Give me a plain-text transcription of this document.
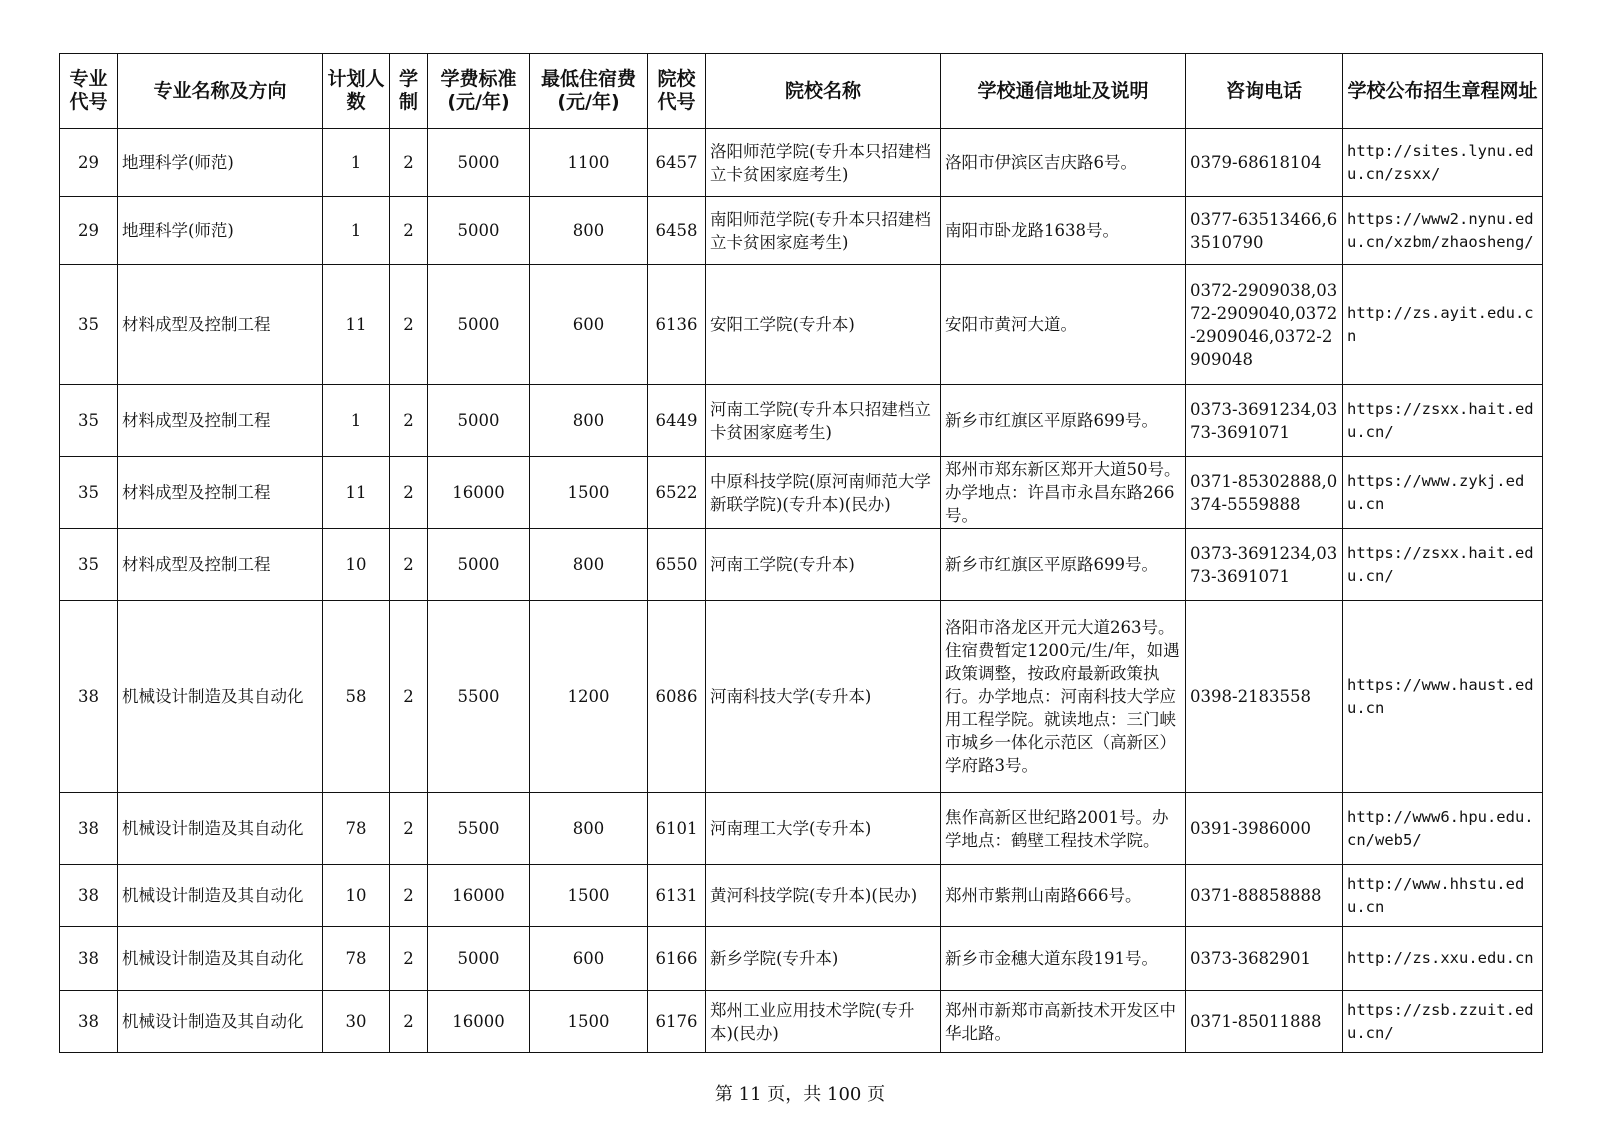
专业代号	专业名称及方向	计划人数	学制	学费标准(元/年)	最低住宿费(元/年)	院校代号	院校名称	学校通信地址及说明	咨询电话	学校公布招生章程网址
29	地理科学(师范)	1	2	5000	1100	6457	洛阳师范学院(专升本只招建档立卡贫困家庭考生)	洛阳市伊滨区吉庆路6号。	0379-68618104	http://sites.lynu.edu.cn/zsxx/
29	地理科学(师范)	1	2	5000	800	6458	南阳师范学院(专升本只招建档立卡贫困家庭考生)	南阳市卧龙路1638号。	0377-63513466,63510790	https://www2.nynu.edu.cn/xzbm/zhaosheng/
35	材料成型及控制工程	11	2	5000	600	6136	安阳工学院(专升本)	安阳市黄河大道。	0372-2909038,0372-2909040,0372-2909046,0372-2909048	http://zs.ayit.edu.cn
35	材料成型及控制工程	1	2	5000	800	6449	河南工学院(专升本只招建档立卡贫困家庭考生)	新乡市红旗区平原路699号。	0373-3691234,0373-3691071	https://zsxx.hait.edu.cn/
35	材料成型及控制工程	11	2	16000	1500	6522	中原科技学院(原河南师范大学新联学院)(专升本)(民办)	郑州市郑东新区郑开大道50号。办学地点：许昌市永昌东路266号。	0371-85302888,0374-5559888	https://www.zykj.edu.cn
35	材料成型及控制工程	10	2	5000	800	6550	河南工学院(专升本)	新乡市红旗区平原路699号。	0373-3691234,0373-3691071	https://zsxx.hait.edu.cn/
38	机械设计制造及其自动化	58	2	5500	1200	6086	河南科技大学(专升本)	洛阳市洛龙区开元大道263号。住宿费暂定1200元/生/年，如遇政策调整，按政府最新政策执行。办学地点：河南科技大学应用工程学院。就读地点：三门峡市城乡一体化示范区（高新区）学府路3号。	0398-2183558	https://www.haust.edu.cn
38	机械设计制造及其自动化	78	2	5500	800	6101	河南理工大学(专升本)	焦作高新区世纪路2001号。办学地点：鹤壁工程技术学院。	0391-3986000	http://www6.hpu.edu.cn/web5/
38	机械设计制造及其自动化	10	2	16000	1500	6131	黄河科技学院(专升本)(民办)	郑州市紫荆山南路666号。	0371-88858888	http://www.hhstu.edu.cn
38	机械设计制造及其自动化	78	2	5000	600	6166	新乡学院(专升本)	新乡市金穗大道东段191号。	0373-3682901	http://zs.xxu.edu.cn
38	机械设计制造及其自动化	30	2	16000	1500	6176	郑州工业应用技术学院(专升本)(民办)	郑州市新郑市高新技术开发区中华北路。	0371-85011888	https://zsb.zzuit.edu.cn/
第 11 页，共 100 页
